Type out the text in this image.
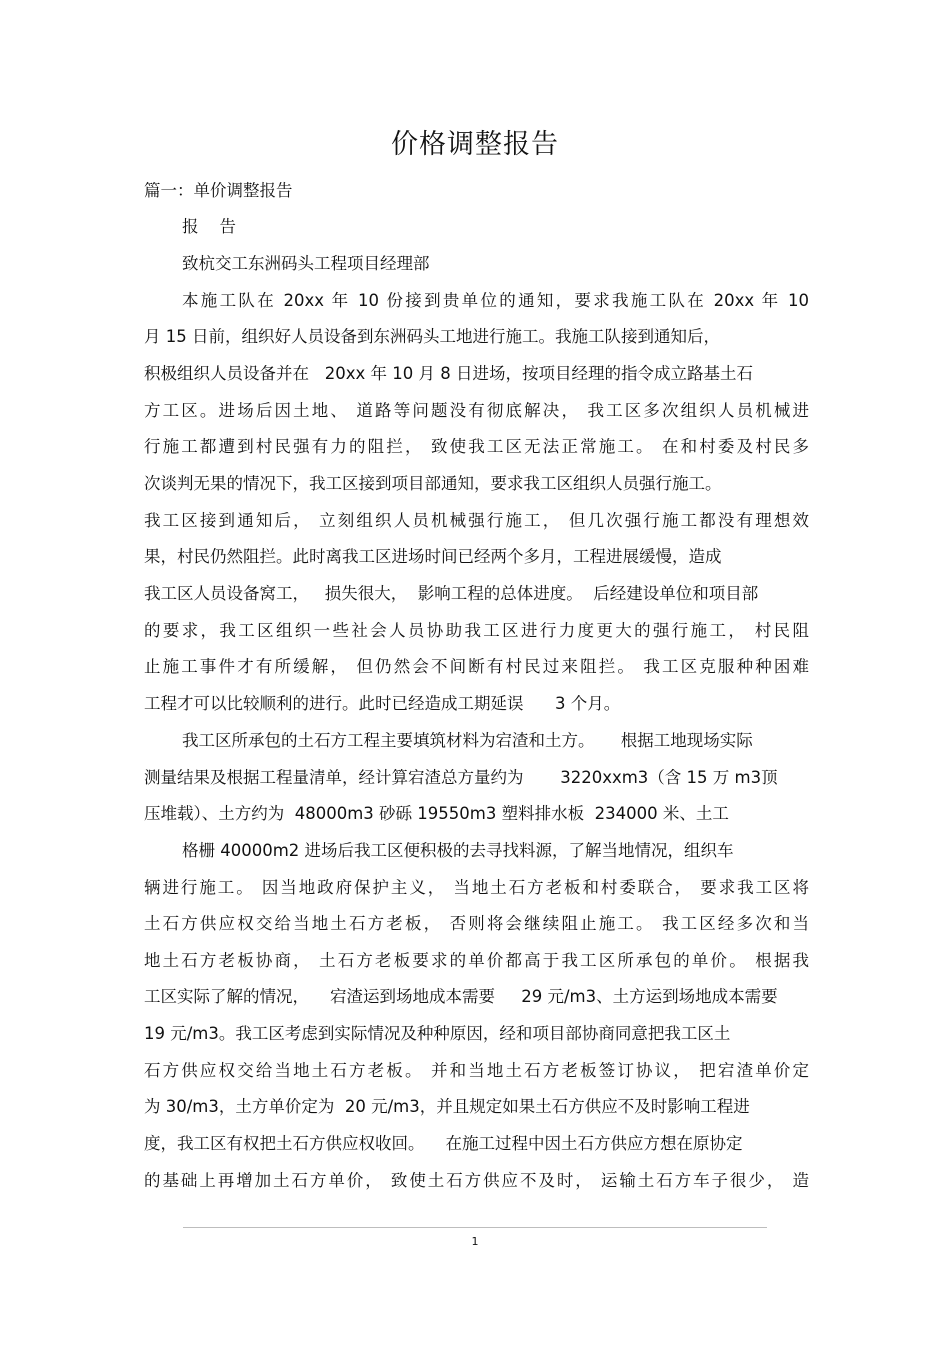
价格调整报告
篇一：单价调整报告
报    告
致杭交工东洲码头工程项目经理部
本施工队在 20xx 年 10 份接到贵单位的通知，要求我施工队在 20xx 年 10
月 15 日前，组织好人员设备到东洲码头工地进行施工。我施工队接到通知后，
积极组织人员设备并在   20xx 年 10 月 8 日进场，按项目经理的指令成立路基土石
方工区。进场后因土地、 道路等问题没有彻底解决， 我工区多次组织人员机械进
行施工都遭到村民强有力的阻拦， 致使我工区无法正常施工。 在和村委及村民多
次谈判无果的情况下，我工区接到项目部通知，要求我工区组织人员强行施工。
我工区接到通知后， 立刻组织人员机械强行施工， 但几次强行施工都没有理想效
果，村民仍然阻拦。此时离我工区进场时间已经两个多月，工程进展缓慢，造成
我工区人员设备窝工，   损失很大，  影响工程的总体进度。  后经建设单位和项目部
的要求，我工区组织一些社会人员协助我工区进行力度更大的强行施工， 村民阻
止施工事件才有所缓解， 但仍然会不间断有村民过来阻拦。 我工区克服种种困难
工程才可以比较顺利的进行。此时已经造成工期延误      3 个月。
我工区所承包的土石方工程主要填筑材料为宕渣和土方。     根据工地现场实际
测量结果及根据工程量清单，经计算宕渣总方量约为       3220xxm3（含 15 万 m3顶
压堆载）、土方约为  48000m3 砂砾 19550m3 塑料排水板  234000 米、土工
格栅 40000m2 进场后我工区便积极的去寻找料源，了解当地情况，组织车
辆进行施工。 因当地政府保护主义， 当地土石方老板和村委联合， 要求我工区将
土石方供应权交给当地土石方老板， 否则将会继续阻止施工。 我工区经多次和当
地土石方老板协商， 土石方老板要求的单价都高于我工区所承包的单价。 根据我
工区实际了解的情况，    宕渣运到场地成本需要     29 元/m3、土方运到场地成本需要
19 元/m3。我工区考虑到实际情况及种种原因，经和项目部协商同意把我工区土
石方供应权交给当地土石方老板。 并和当地土石方老板签订协议， 把宕渣单价定
为 30/m3，土方单价定为  20 元/m3，并且规定如果土石方供应不及时影响工程进
度，我工区有权把土石方供应权收回。    在施工过程中因土石方供应方想在原协定
的基础上再增加土石方单价， 致使土石方供应不及时， 运输土石方车子很少， 造
1
